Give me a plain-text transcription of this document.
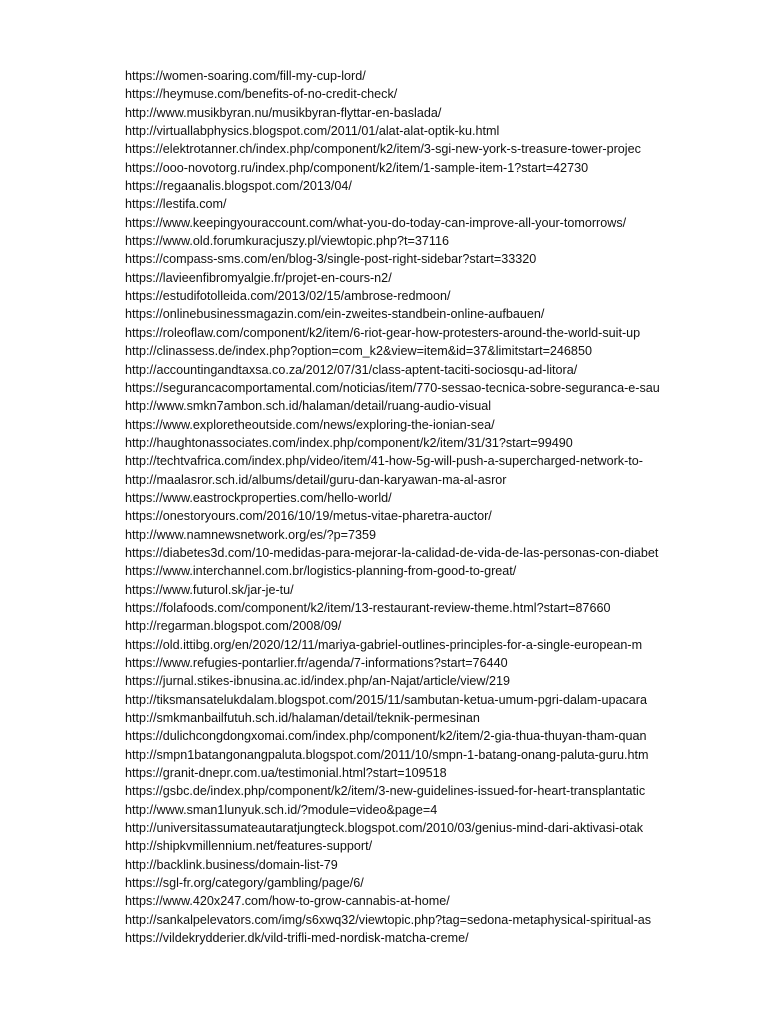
https://women-soaring.com/fill-my-cup-lord/
https://heymuse.com/benefits-of-no-credit-check/
http://www.musikbyran.nu/musikbyran-flyttar-en-baslada/
http://virtuallabphysics.blogspot.com/2011/01/alat-alat-optik-ku.html
https://elektrotanner.ch/index.php/component/k2/item/3-sgi-new-york-s-treasure-tower-projec
https://ooo-novotorg.ru/index.php/component/k2/item/1-sample-item-1?start=42730
https://regaanalis.blogspot.com/2013/04/
https://lestifa.com/
https://www.keepingyouraccount.com/what-you-do-today-can-improve-all-your-tomorrows/
https://www.old.forumkuracjuszy.pl/viewtopic.php?t=37116
https://compass-sms.com/en/blog-3/single-post-right-sidebar?start=33320
https://lavieenfibromyalgie.fr/projet-en-cours-n2/
https://estudifotolleida.com/2013/02/15/ambrose-redmoon/
https://onlinebusinessmagazin.com/ein-zweites-standbein-online-aufbauen/
https://roleoflaw.com/component/k2/item/6-riot-gear-how-protesters-around-the-world-suit-up
http://clinassess.de/index.php?option=com_k2&view=item&id=37&limitstart=246850
http://accountingandtaxsa.co.za/2012/07/31/class-aptent-taciti-sociosqu-ad-litora/
https://segurancacomportamental.com/noticias/item/770-sessao-tecnica-sobre-seguranca-e-sau
http://www.smkn7ambon.sch.id/halaman/detail/ruang-audio-visual
https://www.exploretheoutside.com/news/exploring-the-ionian-sea/
http://haughtonassociates.com/index.php/component/k2/item/31/31?start=99490
http://techtvafrica.com/index.php/video/item/41-how-5g-will-push-a-supercharged-network-to-
http://maalasror.sch.id/albums/detail/guru-dan-karyawan-ma-al-asror
https://www.eastrockproperties.com/hello-world/
https://onestoryours.com/2016/10/19/metus-vitae-pharetra-auctor/
http://www.namnewsnetwork.org/es/?p=7359
https://diabetes3d.com/10-medidas-para-mejorar-la-calidad-de-vida-de-las-personas-con-diabet
https://www.interchannel.com.br/logistics-planning-from-good-to-great/
https://www.futurol.sk/jar-je-tu/
https://folafoods.com/component/k2/item/13-restaurant-review-theme.html?start=87660
http://regarman.blogspot.com/2008/09/
https://old.ittibg.org/en/2020/12/11/mariya-gabriel-outlines-principles-for-a-single-european-m
https://www.refugies-pontarlier.fr/agenda/7-informations?start=76440
https://jurnal.stikes-ibnusina.ac.id/index.php/an-Najat/article/view/219
http://tiksmansatelukdalam.blogspot.com/2015/11/sambutan-ketua-umum-pgri-dalam-upacara
http://smkmanbailfutuh.sch.id/halaman/detail/teknik-permesinan
https://dulichcongdongxomai.com/index.php/component/k2/item/2-gia-thua-thuyan-tham-quan
http://smpn1batangonangpaluta.blogspot.com/2011/10/smpn-1-batang-onang-paluta-guru.htm
https://granit-dnepr.com.ua/testimonial.html?start=109518
https://gsbc.de/index.php/component/k2/item/3-new-guidelines-issued-for-heart-transplantatic
http://www.sman1lunyuk.sch.id/?module=video&page=4
http://universitassumateautaratjungteck.blogspot.com/2010/03/genius-mind-dari-aktivasi-otak
http://shipkvmillennium.net/features-support/
http://backlink.business/domain-list-79
https://sgl-fr.org/category/gambling/page/6/
https://www.420x247.com/how-to-grow-cannabis-at-home/
http://sankalpelevators.com/img/s6xwq32/viewtopic.php?tag=sedona-metaphysical-spiritual-as
https://vildekrydderier.dk/vild-trifli-med-nordisk-matcha-creme/
